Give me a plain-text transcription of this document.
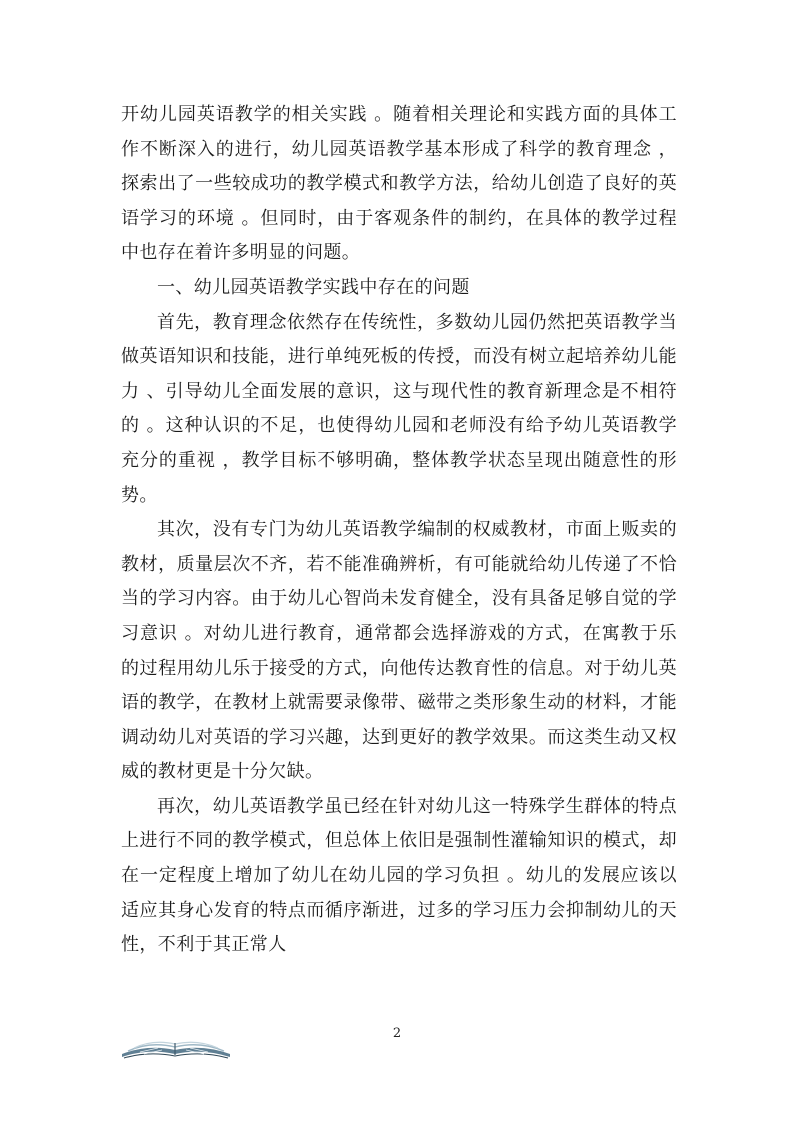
开幼儿园英语教学的相关实践 。随着相关理论和实践方面的具体工作不断深入的进行，幼儿园英语教学基本形成了科学的教育理念 ，探索出了一些较成功的教学模式和教学方法，给幼儿创造了良好的英语学习的环境 。但同时，由于客观条件的制约，在具体的教学过程中也存在着许多明显的问题。

一、幼儿园英语教学实践中存在的问题

首先，教育理念依然存在传统性，多数幼儿园仍然把英语教学当做英语知识和技能，进行单纯死板的传授，而没有树立起培养幼儿能力 、引导幼儿全面发展的意识，这与现代性的教育新理念是不相符的 。这种认识的不足，也使得幼儿园和老师没有给予幼儿英语教学充分的重视 ，教学目标不够明确，整体教学状态呈现出随意性的形势。

其次，没有专门为幼儿英语教学编制的权威教材，市面上贩卖的教材，质量层次不齐，若不能准确辨析，有可能就给幼儿传递了不恰当的学习内容。由于幼儿心智尚未发育健全，没有具备足够自觉的学习意识 。对幼儿进行教育，通常都会选择游戏的方式，在寓教于乐的过程用幼儿乐于接受的方式，向他传达教育性的信息。对于幼儿英语的教学，在教材上就需要录像带、磁带之类形象生动的材料，才能调动幼儿对英语的学习兴趣，达到更好的教学效果。而这类生动又权威的教材更是十分欠缺。

再次，幼儿英语教学虽已经在针对幼儿这一特殊学生群体的特点上进行不同的教学模式，但总体上依旧是强制性灌输知识的模式，却在一定程度上增加了幼儿在幼儿园的学习负担 。幼儿的发展应该以适应其身心发育的特点而循序渐进，过多的学习压力会抑制幼儿的天性，不利于其正常人

2
